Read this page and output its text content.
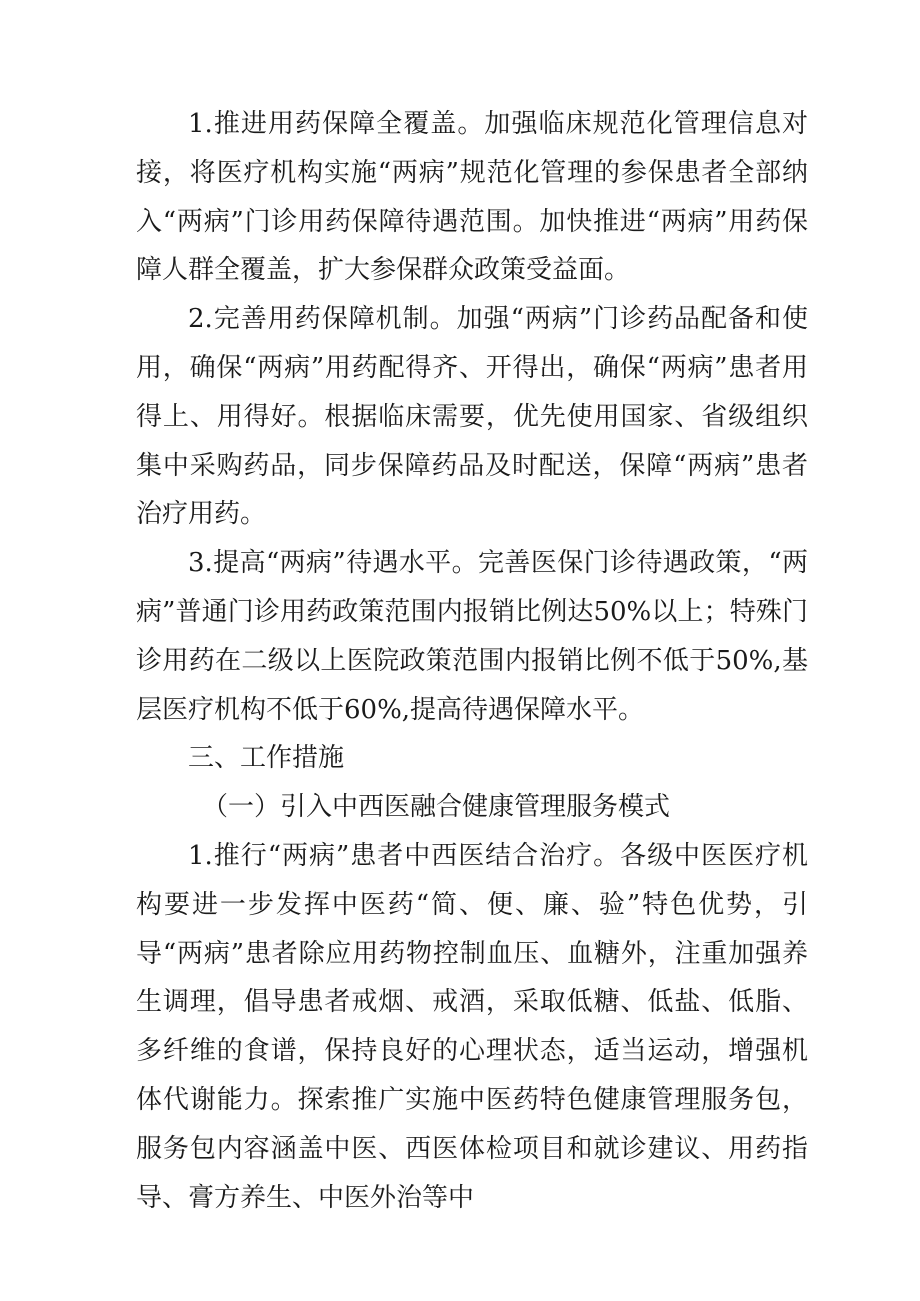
1.推进用药保障全覆盖。加强临床规范化管理信息对接，将医疗机构实施“两病”规范化管理的参保患者全部纳入“两病”门诊用药保障待遇范围。加快推进“两病”用药保障人群全覆盖，扩大参保群众政策受益面。

2.完善用药保障机制。加强“两病”门诊药品配备和使用，确保“两病”用药配得齐、开得出，确保“两病”患者用得上、用得好。根据临床需要，优先使用国家、省级组织集中采购药品，同步保障药品及时配送，保障“两病”患者治疗用药。

3.提高“两病”待遇水平。完善医保门诊待遇政策，“两病”普通门诊用药政策范围内报销比例达50%以上；特殊门诊用药在二级以上医院政策范围内报销比例不低于50%,基层医疗机构不低于60%,提高待遇保障水平。

三、工作措施

（一）引入中西医融合健康管理服务模式

1.推行“两病”患者中西医结合治疗。各级中医医疗机构要进一步发挥中医药“简、便、廉、验”特色优势，引导“两病”患者除应用药物控制血压、血糖外，注重加强养生调理，倡导患者戒烟、戒酒，采取低糖、低盐、低脂、多纤维的食谱，保持良好的心理状态，适当运动，增强机体代谢能力。探索推广实施中医药特色健康管理服务包，服务包内容涵盖中医、西医体检项目和就诊建议、用药指导、膏方养生、中医外治等中
